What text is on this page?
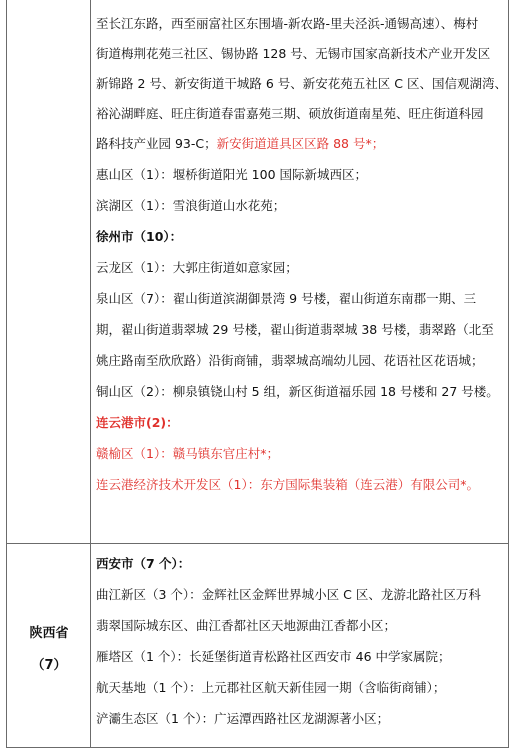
陕西省
（7）
至长江东路，西至丽富社区东围墙-新农路-里夫泾浜-通锡高速）、梅村
街道梅荆花苑三社区、锡协路 128 号、无锡市国家高新技术产业开发区
新锦路 2 号、新安街道干城路 6 号、新安花苑五社区 C 区、国信观湖湾、
裕沁湖畔庭、旺庄街道春雷嘉苑三期、硕放街道南星苑、旺庄街道科园
路科技产业园 93-C；新安街道道具区区路 88 号*；
惠山区（1）：堰桥街道阳光 100 国际新城西区；
滨湖区（1）：雪浪街道山水花苑；
徐州市（10）：
云龙区（1）：大郭庄街道如意家园；
泉山区（7）：翟山街道滨湖御景湾 9 号楼，翟山街道东南郡一期、三
期，翟山街道翡翠城 29 号楼，翟山街道翡翠城 38 号楼，翡翠路（北至
姚庄路南至欣欣路）沿街商铺，翡翠城高端幼儿园、花语社区花语城；
铜山区（2）：柳泉镇铙山村 5 组，新区街道福乐园 18 号楼和 27 号楼。
连云港市(2)：
赣榆区（1）：赣马镇东官庄村*；
连云港经济技术开发区（1）：东方国际集装箱（连云港）有限公司*。
西安市（7 个）：
曲江新区（3 个）：金辉社区金辉世界城小区 C 区、龙游北路社区万科
翡翠国际城东区、曲江香都社区天地源曲江香都小区；
雁塔区（1 个）：长延堡街道青松路社区西安市 46 中学家属院；
航天基地（1 个）：上元郡社区航天新佳园一期（含临街商铺）；
浐灞生态区（1 个）：广运潭西路社区龙湖源著小区；
